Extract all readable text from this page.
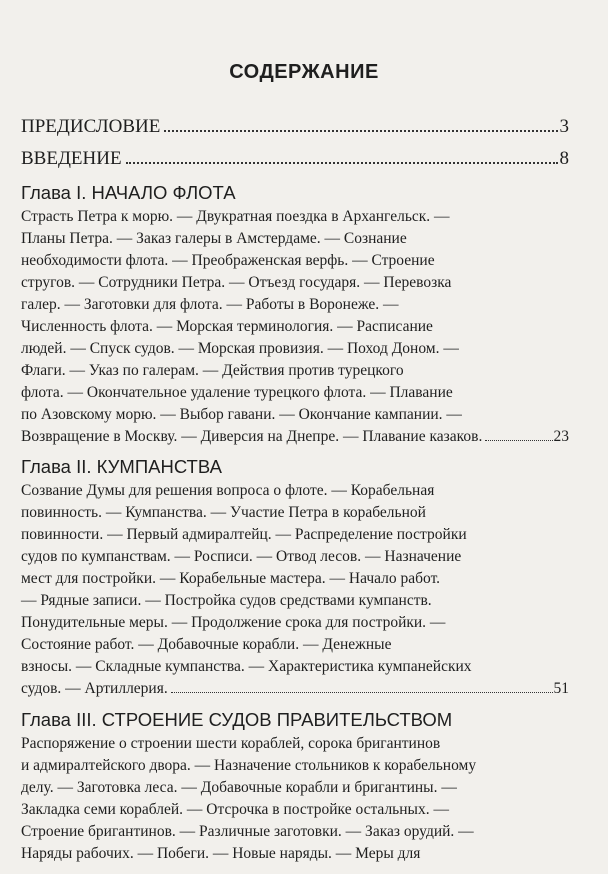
СОДЕРЖАНИЕ
ПРЕДИСЛОВИЕ	3
ВВЕДЕНИЕ	8
Глава I. НАЧАЛО ФЛОТА
Страсть Петра к морю. — Двукратная поездка в Архангельск. —
Планы Петра. — Заказ галеры в Амстердаме. — Сознание
необходимости флота. — Преображенская верфь. — Строение
стругов. — Сотрудники Петра. — Отъезд государя. — Перевозка
галер. — Заготовки для флота. — Работы в Воронеже. —
Численность флота. — Морская терминология. — Расписание
людей. — Спуск судов. — Морская провизия. — Поход Доном. —
Флаги. — Указ по галерам. — Действия против турецкого
флота. — Окончательное удаление турецкого флота. — Плавание
по Азовскому морю. — Выбор гавани. — Окончание кампании. —
Возвращение в Москву. — Диверсия на Днепре. — Плавание казаков.	23
Глава II. КУМПАНСТВА
Созвание Думы для решения вопроса о флоте. — Корабельная
повинность. — Кумпанства. — Участие Петра в корабельной
повинности. — Первый адмиралтейц. — Распределение постройки
судов по кумпанствам. — Росписи. — Отвод лесов. — Назначение
мест для постройки. — Корабельные мастера. — Начало работ.
— Рядные записи. — Постройка судов средствами кумпанств.
Понудительные меры. — Продолжение срока для постройки. —
Состояние работ. — Добавочные корабли. — Денежные
взносы. — Складные кумпанства. — Характеристика кумпанейских
судов. — Артиллерия.	51
Глава III. СТРОЕНИЕ СУДОВ ПРАВИТЕЛЬСТВОМ
Распоряжение о строении шести кораблей, сорока бригантинов
и адмиралтейского двора. — Назначение стольников к корабельному
делу. — Заготовка леса. — Добавочные корабли и бригантины. —
Закладка семи кораблей. — Отсрочка в постройке остальных. —
Строение бригантинов. — Различные заготовки. — Заказ орудий. —
Наряды рабочих. — Побеги. — Новые наряды. — Меры для
